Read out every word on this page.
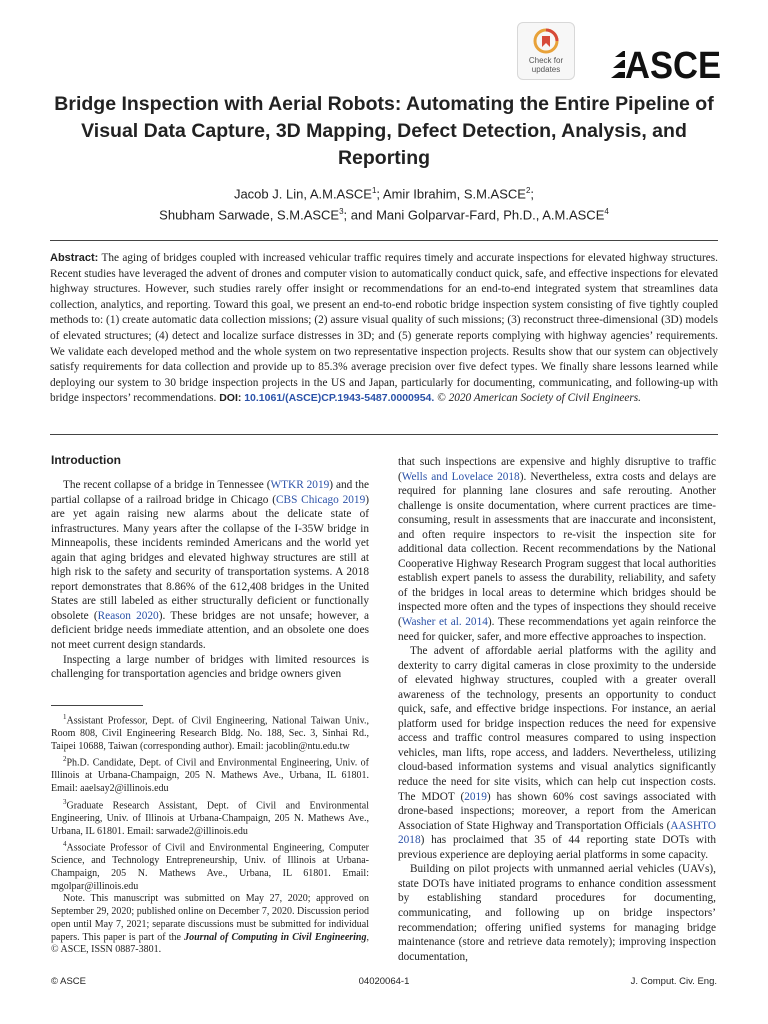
Check for
updates	ASCE
Bridge Inspection with Aerial Robots: Automating the Entire Pipeline of Visual Data Capture, 3D Mapping, Defect Detection, Analysis, and Reporting
Jacob J. Lin, A.M.ASCE$^1$; Amir Ibrahim, S.M.ASCE$^2$;
Shubham Sarwade, S.M.ASCE$^3$; and Mani Golparvar-Fard, Ph.D., A.M.ASCE$^4$
Abstract: The aging of bridges coupled with increased vehicular traffic requires timely and accurate inspections for elevated highway structures. Recent studies have leveraged the advent of drones and computer vision to automatically conduct quick, safe, and effective inspections for elevated highway structures. However, such studies rarely offer insight or recommendations for an end-to-end integrated system that streamlines data collection, analytics, and reporting. Toward this goal, we present an end-to-end robotic bridge inspection system consisting of five tightly coupled methods to: (1) create automatic data collection missions; (2) assure visual quality of such missions; (3) reconstruct three-dimensional (3D) models of elevated structures; (4) detect and localize surface distresses in 3D; and (5) generate reports complying with highway agencies’ requirements. We validate each developed method and the whole system on two representative inspection projects. Results show that our system can objectively satisfy requirements for data collection and provide up to 85.3% average precision over five defect types. We finally share lessons learned while deploying our system to 30 bridge inspection projects in the US and Japan, particularly for documenting, communicating, and following-up with bridge inspectors’ recommendations. DOI: 10.1061/(ASCE)CP.1943-5487.0000954. © 2020 American Society of Civil Engineers.
Introduction

The recent collapse of a bridge in Tennessee (WTKR 2019) and the partial collapse of a railroad bridge in Chicago (CBS Chicago 2019) are yet again raising new alarms about the delicate state of infrastructures. Many years after the collapse of the I-35W bridge in Minneapolis, these incidents reminded Americans and the world yet again that aging bridges and elevated highway structures are still at high risk to the safety and security of transportation systems. A 2018 report demonstrates that 8.86% of the 612,408 bridges in the United States are still labeled as either structurally deficient or functionally obsolete (Reason 2020). These bridges are not unsafe; however, a deficient bridge needs immediate attention, and an obsolete one does not meet current design standards.

Inspecting a large number of bridges with limited resources is challenging for transportation agencies and bridge owners given

$^1$Assistant Professor, Dept. of Civil Engineering, National Taiwan Univ., Room 808, Civil Engineering Research Bldg. No. 188, Sec. 3, Sinhai Rd., Taipei 10688, Taiwan (corresponding author). Email: jacoblin@ntu.edu.tw

$^2$Ph.D. Candidate, Dept. of Civil and Environmental Engineering, Univ. of Illinois at Urbana-Champaign, 205 N. Mathews Ave., Urbana, IL 61801. Email: aaelsay2@illinois.edu

$^3$Graduate Research Assistant, Dept. of Civil and Environmental Engineering, Univ. of Illinois at Urbana-Champaign, 205 N. Mathews Ave., Urbana, IL 61801. Email: sarwade2@illinois.edu

$^4$Associate Professor of Civil and Environmental Engineering, Computer Science, and Technology Entrepreneurship, Univ. of Illinois at Urbana-Champaign, 205 N. Mathews Ave., Urbana, IL 61801. Email: mgolpar@illinois.edu

Note. This manuscript was submitted on May 27, 2020; approved on September 29, 2020; published online on December 7, 2020. Discussion period open until May 7, 2021; separate discussions must be submitted for individual papers. This paper is part of the Journal of Computing in Civil Engineering, © ASCE, ISSN 0887-3801.

that such inspections are expensive and highly disruptive to traffic (Wells and Lovelace 2018). Nevertheless, extra costs and delays are required for planning lane closures and safe rerouting. Another challenge is onsite documentation, where current practices are time-consuming, result in assessments that are inaccurate and inconsistent, and often require inspectors to re-visit the inspection site for additional data collection. Recent recommendations by the National Cooperative Highway Research Program suggest that local authorities establish expert panels to assess the durability, reliability, and safety of the bridges in local areas to determine which bridges should be inspected more often and the types of inspections they should receive (Washer et al. 2014). These recommendations yet again reinforce the need for quicker, safer, and more effective approaches to inspection.

The advent of affordable aerial platforms with the agility and dexterity to carry digital cameras in close proximity to the underside of elevated highway structures, coupled with a greater overall awareness of the technology, presents an opportunity to conduct quick, safe, and effective bridge inspections. For instance, an aerial platform used for bridge inspection reduces the need for expensive access and traffic control measures compared to using inspection vehicles, man lifts, rope access, and ladders. Nevertheless, utilizing cloud-based information systems and visual analytics significantly reduce the need for site visits, which can help cut inspection costs. The MDOT (2019) has shown 60% cost savings associated with drone-based inspections; moreover, a report from the American Association of State Highway and Transportation Officials (AASHTO 2018) has proclaimed that 35 of 44 reporting state DOTs with previous experience are deploying aerial platforms in some capacity.

Building on pilot projects with unmanned aerial vehicles (UAVs), state DOTs have initiated programs to enhance condition assessment by establishing standard procedures for documenting, communicating, and following up on bridge inspectors’ recommendation; offering unified systems for managing bridge maintenance (store and retrieve data remotely); improving inspection documentation,

© ASCE	04020064-1	J. Comput. Civ. Eng.
